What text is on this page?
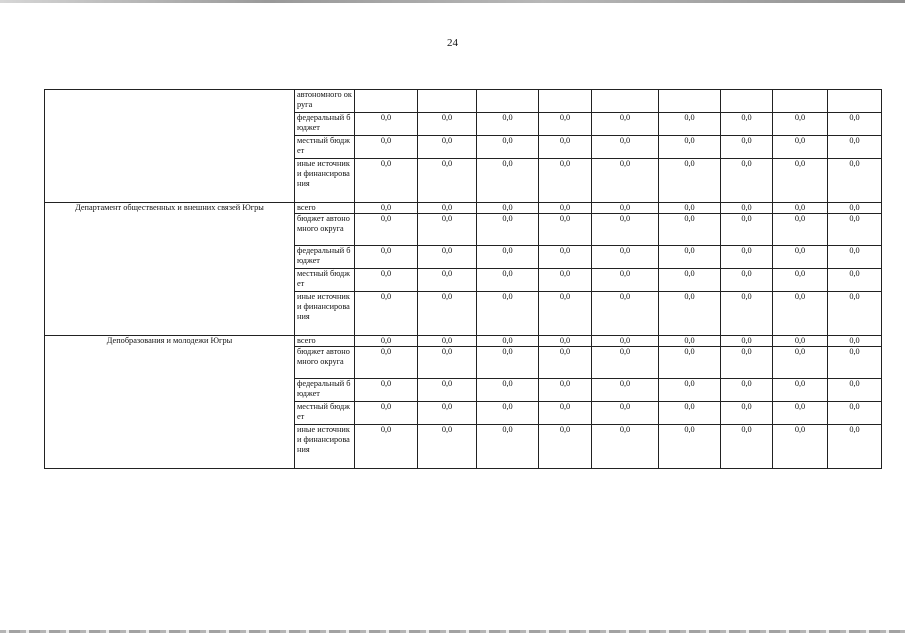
24
	автономного округа									
	федеральный бюджет	0,0	0,0	0,0	0,0	0,0	0,0	0,0	0,0	0,0
	местный бюджет	0,0	0,0	0,0	0,0	0,0	0,0	0,0	0,0	0,0
	иные источники финансирова ния	0,0	0,0	0,0	0,0	0,0	0,0	0,0	0,0	0,0
Департамент общественных и внешних связей Югры	всего	0,0	0,0	0,0	0,0	0,0	0,0	0,0	0,0	0,0
	бюджет автономного округа	0,0	0,0	0,0	0,0	0,0	0,0	0,0	0,0	0,0
	федеральный бюджет	0,0	0,0	0,0	0,0	0,0	0,0	0,0	0,0	0,0
	местный бюджет	0,0	0,0	0,0	0,0	0,0	0,0	0,0	0,0	0,0
	иные источники финансирова ния	0,0	0,0	0,0	0,0	0,0	0,0	0,0	0,0	0,0
Депобразования и молодежи Югры	всего	0,0	0,0	0,0	0,0	0,0	0,0	0,0	0,0	0,0
	бюджет автономного округа	0,0	0,0	0,0	0,0	0,0	0,0	0,0	0,0	0,0
	федеральный бюджет	0,0	0,0	0,0	0,0	0,0	0,0	0,0	0,0	0,0
	местный бюджет	0,0	0,0	0,0	0,0	0,0	0,0	0,0	0,0	0,0
	иные источники финансирова ния	0,0	0,0	0,0	0,0	0,0	0,0	0,0	0,0	0,0
